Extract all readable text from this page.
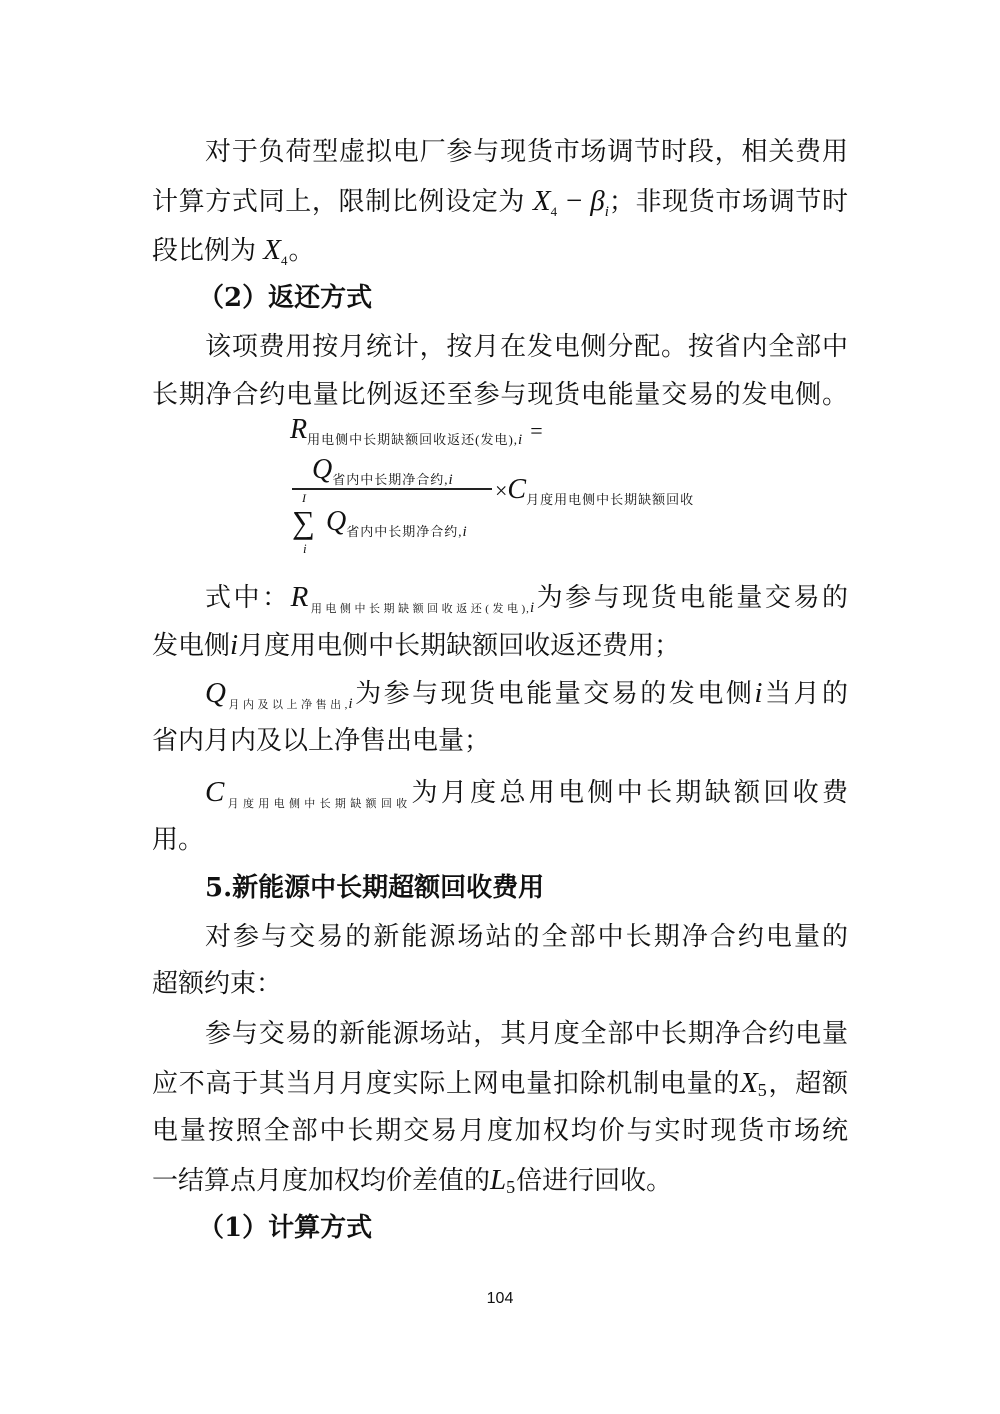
对于负荷型虚拟电厂参与现货市场调节时段，相关费用
计算方式同上，限制比例设定为 $X_4 - \beta_i$；非现货市场调节时
段比例为 $X_4$。
（2）返还方式
该项费用按月统计，按月在发电侧分配。按省内全部中
长期净合约电量比例返还至参与现货电能量交易的发电侧。
$R_{用电侧中长期缺额回收返还(发电),}i$ =
$Q_{省内中长期净合约,}i \times C_{月度用电侧中长期缺额回收}$
I
∑
i
$Q_{省内中长期净合约,}i$
式中：$R_{用电侧中长期缺额回收返还(发电),i}$为参与现货电能量交易的
发电侧i月度用电侧中长期缺额回收返还费用；
$Q_{月内及以上净售出,i}$为参与现货电能量交易的发电侧i当月的
省内月内及以上净售出电量；
$C_{月度用电侧中长期缺额回收}$为月度总用电侧中长期缺额回收费
用。
5.新能源中长期超额回收费用
对参与交易的新能源场站的全部中长期净合约电量的
超额约束：
参与交易的新能源场站，其月度全部中长期净合约电量
应不高于其当月月度实际上网电量扣除机制电量的$X_5$，超额
电量按照全部中长期交易月度加权均价与实时现货市场统
一结算点月度加权均价差值的$L_5$倍进行回收。
（1）计算方式
104
